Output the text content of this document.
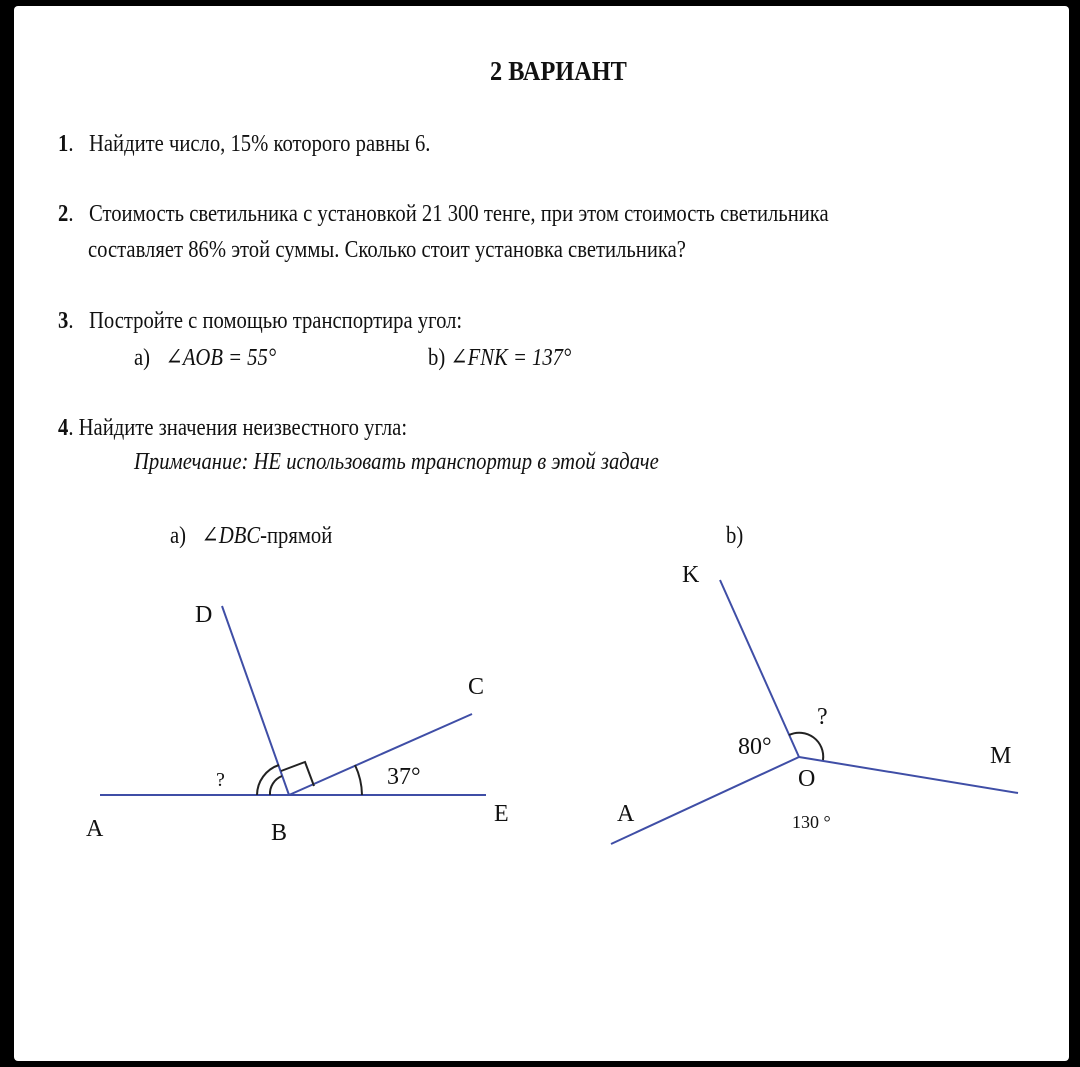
2 ВАРИАНТ
1.   Найдите число, 15% которого равны 6.
2.   Стоимость светильника с установкой 21 300 тенге, при этом стоимость светильника
составляет 86% этой суммы. Сколько стоит установка светильника?
3.   Постройте с помощью транспортира угол:
a) ∠AOB = 55°	b) ∠FNK = 137°
4. Найдите значения неизвестного угла:
Примечание: НЕ использовать транспортир в этой задаче
a) ∠DBC-прямой	b)
D
C
A	B
E
?	37°
K
M
O
A
?
80°
130 °
